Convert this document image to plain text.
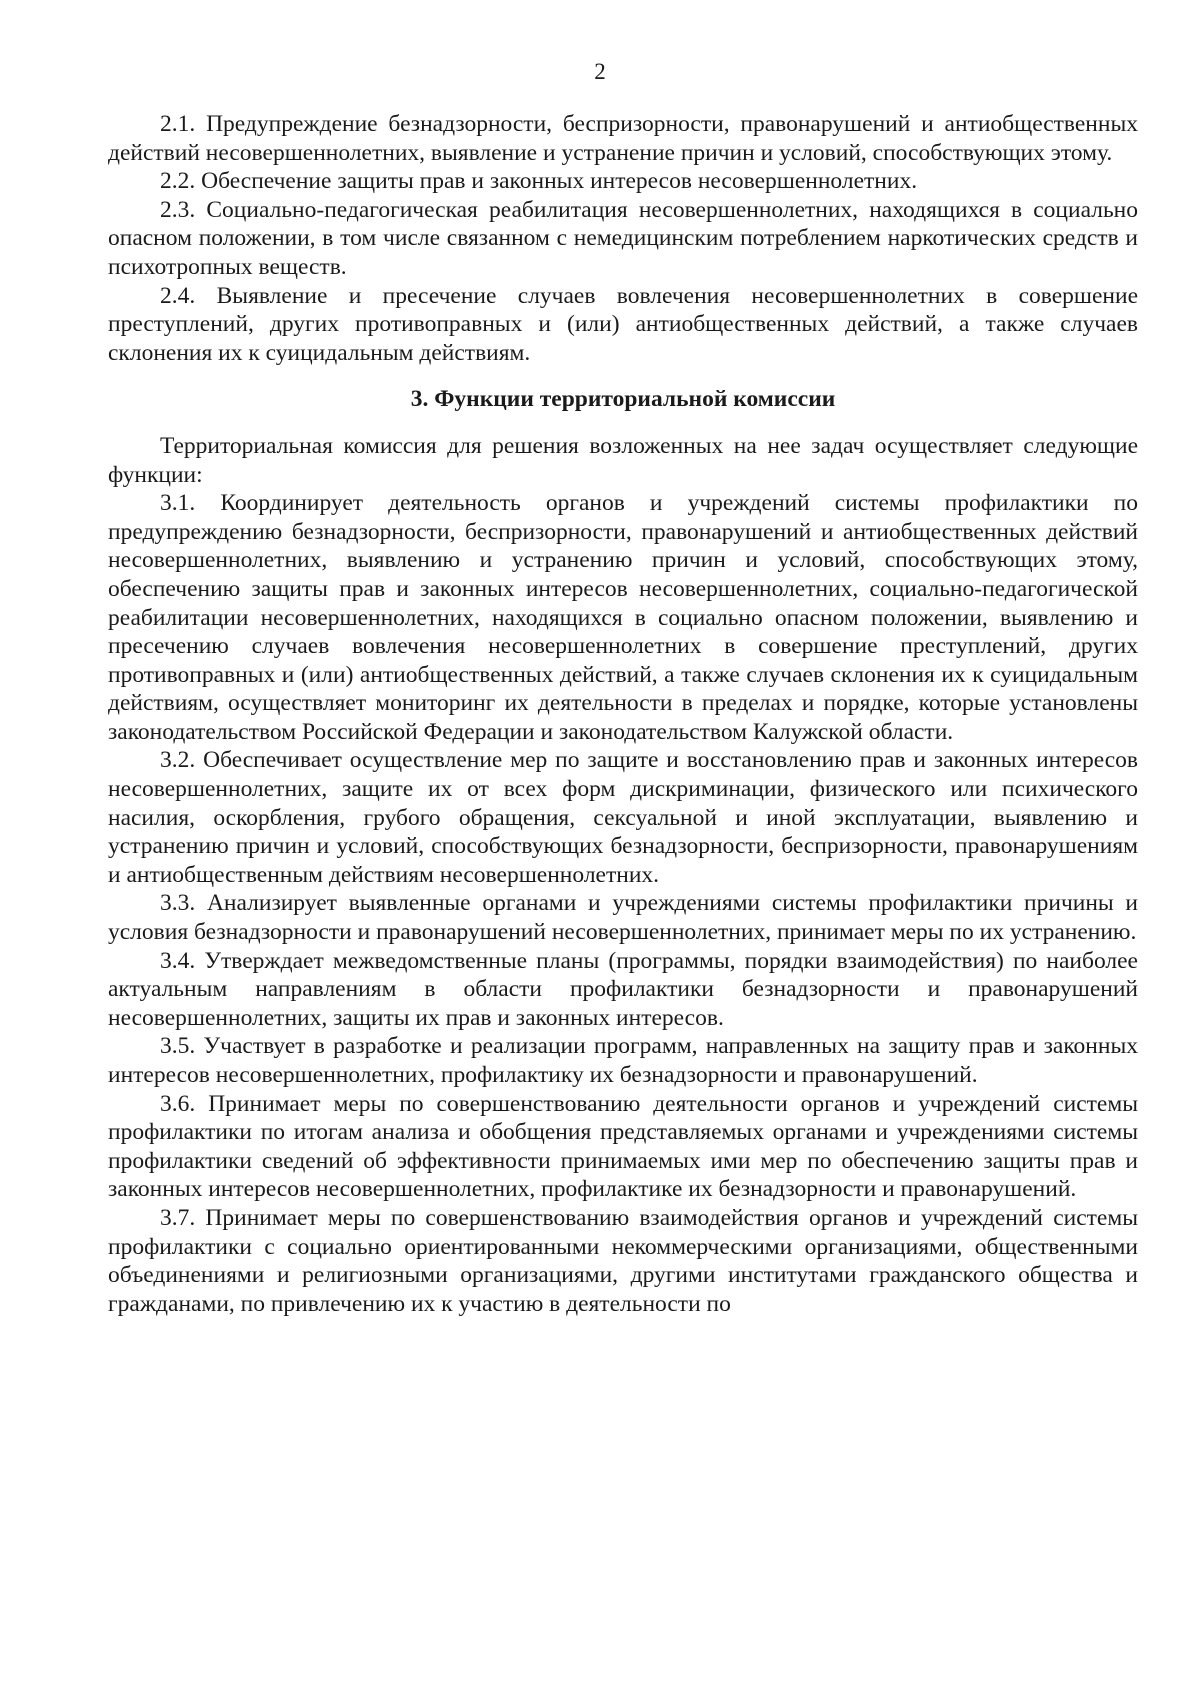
2

2.1. Предупреждение безнадзорности, беспризорности, правонарушений и антиобщественных действий несовершеннолетних, выявление и устранение причин и условий, способствующих этому.

2.2. Обеспечение защиты прав и законных интересов несовершеннолетних.

2.3. Социально-педагогическая реабилитация несовершеннолетних, находящихся в социально опасном положении, в том числе связанном с немедицинским потреблением наркотических средств и психотропных веществ.

2.4. Выявление и пресечение случаев вовлечения несовершеннолетних в совершение преступлений, других противоправных и (или) антиобщественных действий, а также случаев склонения их к суицидальным действиям.

3. Функции территориальной комиссии

Территориальная комиссия для решения возложенных на нее задач осуществляет следующие функции:

3.1. Координирует деятельность органов и учреждений системы профилактики по предупреждению безнадзорности, беспризорности, правонарушений и антиобщественных действий несовершеннолетних, выявлению и устранению причин и условий, способствующих этому, обеспечению защиты прав и законных интересов несовершеннолетних, социально-педагогической реабилитации несовершеннолетних, находящихся в социально опасном положении, выявлению и пресечению случаев вовлечения несовершеннолетних в совершение преступлений, других противоправных и (или) антиобщественных действий, а также случаев склонения их к суицидальным действиям, осуществляет мониторинг их деятельности в пределах и порядке, которые установлены законодательством Российской Федерации и законодательством Калужской области.

3.2. Обеспечивает осуществление мер по защите и восстановлению прав и законных интересов несовершеннолетних, защите их от всех форм дискриминации, физического или психического насилия, оскорбления, грубого обращения, сексуальной и иной эксплуатации, выявлению и устранению причин и условий, способствующих безнадзорности, беспризорности, правонарушениям и антиобщественным действиям несовершеннолетних.

3.3. Анализирует выявленные органами и учреждениями системы профилактики причины и условия безнадзорности и правонарушений несовершеннолетних, принимает меры по их устранению.

3.4. Утверждает межведомственные планы (программы, порядки взаимодействия) по наиболее актуальным направлениям в области профилактики безнадзорности и правонарушений несовершеннолетних, защиты их прав и законных интересов.

3.5. Участвует в разработке и реализации программ, направленных на защиту прав и законных интересов несовершеннолетних, профилактику их безнадзорности и правонарушений.

3.6. Принимает меры по совершенствованию деятельности органов и учреждений системы профилактики по итогам анализа и обобщения представляемых органами и учреждениями системы профилактики сведений об эффективности принимаемых ими мер по обеспечению защиты прав и законных интересов несовершеннолетних, профилактике их безнадзорности и правонарушений.

3.7. Принимает меры по совершенствованию взаимодействия органов и учреждений системы профилактики с социально ориентированными некоммерческими организациями, общественными объединениями и религиозными организациями, другими институтами гражданского общества и гражданами, по привлечению их к участию в деятельности по
